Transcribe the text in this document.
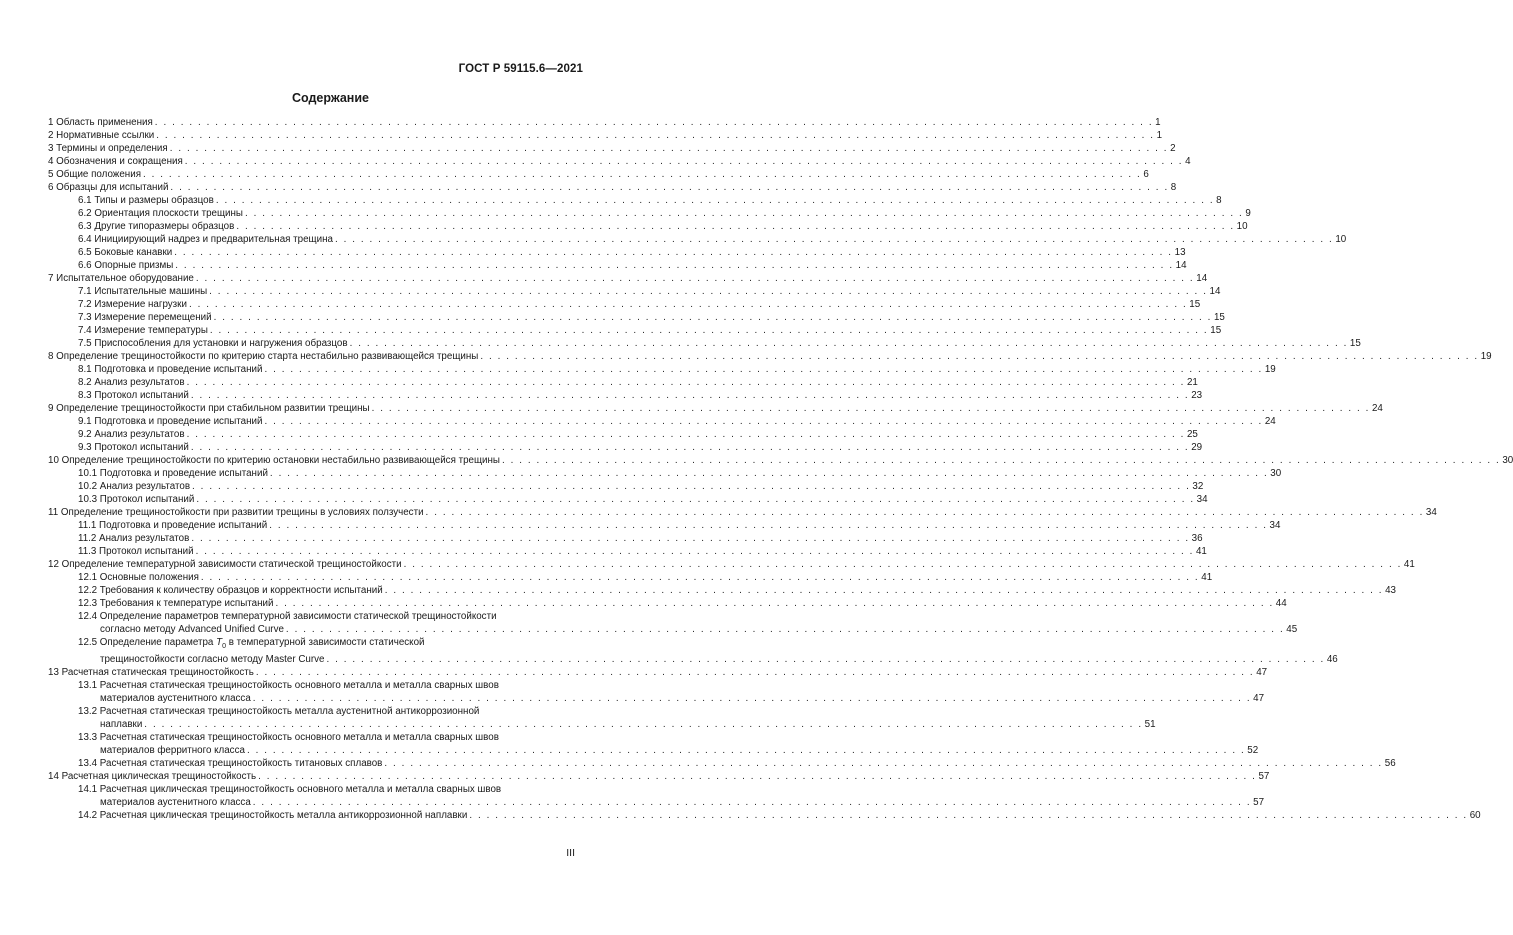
ГОСТ Р 59115.6—2021
Содержание
1 Область применения . . . . . . . . . . . . . . . . . . . . . . . . . . . . . . . . . . . . . . . . . . . . . . . . . . . . . . . . . . . . . . . . . . . . . . . . . . . . . . . . . . . . . . . . . . . . . . . . . . . . . . . . . . . . . . . . . . . . 1
2 Нормативные ссылки . . . . . . . . . . . . . . . . . . . . . . . . . . . . . . . . . . . . . . . . . . . . . . . . . . . . . . . . . . . . . . . . . . . . . . . . . . . . . . . . . . . . . . . . . . . . . . . . . . . . . . . . . . . . . . . . . . . . 1
3 Термины и определения . . . . . . . . . . . . . . . . . . . . . . . . . . . . . . . . . . . . . . . . . . . . . . . . . . . . . . . . . . . . . . . . . . . . . . . . . . . . . . . . . . . . . . . . . . . . . . . . . . . . . . . . . . . . . . . . . . . . 2
4 Обозначения и сокращения . . . . . . . . . . . . . . . . . . . . . . . . . . . . . . . . . . . . . . . . . . . . . . . . . . . . . . . . . . . . . . . . . . . . . . . . . . . . . . . . . . . . . . . . . . . . . . . . . . . . . . . . . . . . . . . . . . . . 4
5 Общие положения . . . . . . . . . . . . . . . . . . . . . . . . . . . . . . . . . . . . . . . . . . . . . . . . . . . . . . . . . . . . . . . . . . . . . . . . . . . . . . . . . . . . . . . . . . . . . . . . . . . . . . . . . . . . . . . . . . . . 6
6 Образцы для испытаний . . . . . . . . . . . . . . . . . . . . . . . . . . . . . . . . . . . . . . . . . . . . . . . . . . . . . . . . . . . . . . . . . . . . . . . . . . . . . . . . . . . . . . . . . . . . . . . . . . . . . . . . . . . . . . . . . . . . 8
6.1 Типы и размеры образцов . . . . . . . . . . . . . . . . . . . . . . . . . . . . . . . . . . . . . . . . . . . . . . . . . . . . . . . . . . . . . . . . . . . . . . . . . . . . . . . . . . . . . . . . . . . . . . . . . . . . . . . . . . . . . . . . . . . . 8
6.2 Ориентация плоскости трещины . . . . . . . . . . . . . . . . . . . . . . . . . . . . . . . . . . . . . . . . . . . . . . . . . . . . . . . . . . . . . . . . . . . . . . . . . . . . . . . . . . . . . . . . . . . . . . . . . . . . . . . . . . . . . . . . . . . . 9
6.3 Другие типоразмеры образцов . . . . . . . . . . . . . . . . . . . . . . . . . . . . . . . . . . . . . . . . . . . . . . . . . . . . . . . . . . . . . . . . . . . . . . . . . . . . . . . . . . . . . . . . . . . . . . . . . . . . . . . . . . . . . . . . . . . . 10
6.4 Инициирующий надрез и предварительная трещина . . . . . . . . . . . . . . . . . . . . . . . . . . . . . . . . . . . . . . . . . . . . . . . . . . . . . . . . . . . . . . . . . . . . . . . . . . . . . . . . . . . . . . . . . . . . . . . . . . . . . . . . . . . . . . . . . . . . 10
6.5 Боковые канавки . . . . . . . . . . . . . . . . . . . . . . . . . . . . . . . . . . . . . . . . . . . . . . . . . . . . . . . . . . . . . . . . . . . . . . . . . . . . . . . . . . . . . . . . . . . . . . . . . . . . . . . . . . . . . . . . . . . . 13
6.6 Опорные призмы . . . . . . . . . . . . . . . . . . . . . . . . . . . . . . . . . . . . . . . . . . . . . . . . . . . . . . . . . . . . . . . . . . . . . . . . . . . . . . . . . . . . . . . . . . . . . . . . . . . . . . . . . . . . . . . . . . . . 14
7 Испытательное оборудование . . . . . . . . . . . . . . . . . . . . . . . . . . . . . . . . . . . . . . . . . . . . . . . . . . . . . . . . . . . . . . . . . . . . . . . . . . . . . . . . . . . . . . . . . . . . . . . . . . . . . . . . . . . . . . . . . . . . 14
7.1 Испытательные машины . . . . . . . . . . . . . . . . . . . . . . . . . . . . . . . . . . . . . . . . . . . . . . . . . . . . . . . . . . . . . . . . . . . . . . . . . . . . . . . . . . . . . . . . . . . . . . . . . . . . . . . . . . . . . . . . . . . . 14
7.2 Измерение нагрузки . . . . . . . . . . . . . . . . . . . . . . . . . . . . . . . . . . . . . . . . . . . . . . . . . . . . . . . . . . . . . . . . . . . . . . . . . . . . . . . . . . . . . . . . . . . . . . . . . . . . . . . . . . . . . . . . . . . . 15
7.3 Измерение перемещений . . . . . . . . . . . . . . . . . . . . . . . . . . . . . . . . . . . . . . . . . . . . . . . . . . . . . . . . . . . . . . . . . . . . . . . . . . . . . . . . . . . . . . . . . . . . . . . . . . . . . . . . . . . . . . . . . . . . 15
7.4 Измерение температуры . . . . . . . . . . . . . . . . . . . . . . . . . . . . . . . . . . . . . . . . . . . . . . . . . . . . . . . . . . . . . . . . . . . . . . . . . . . . . . . . . . . . . . . . . . . . . . . . . . . . . . . . . . . . . . . . . . . . 15
7.5 Приспособления для установки и нагружения образцов . . . . . . . . . . . . . . . . . . . . . . . . . . . . . . . . . . . . . . . . . . . . . . . . . . . . . . . . . . . . . . . . . . . . . . . . . . . . . . . . . . . . . . . . . . . . . . . . . . . . . . . . . . . . . . . . . . . . 15
8 Определение трещиностойкости по критерию старта нестабильно развивающейся трещины . . . . . . . . . . . . . . . . . . . . . . . . . . . . . . . . . . . . . . . . . . . . . . . . . . . . . . . . . . . . . . . . . . . . . . . . . . . . . . . . . . . . . . . . . . . . . . . . . . . . . . . . . . . . . . . . . . . . 19
8.1 Подготовка и проведение испытаний . . . . . . . . . . . . . . . . . . . . . . . . . . . . . . . . . . . . . . . . . . . . . . . . . . . . . . . . . . . . . . . . . . . . . . . . . . . . . . . . . . . . . . . . . . . . . . . . . . . . . . . . . . . . . . . . . . . . 19
8.2 Анализ результатов . . . . . . . . . . . . . . . . . . . . . . . . . . . . . . . . . . . . . . . . . . . . . . . . . . . . . . . . . . . . . . . . . . . . . . . . . . . . . . . . . . . . . . . . . . . . . . . . . . . . . . . . . . . . . . . . . . . . 21
8.3 Протокол испытаний . . . . . . . . . . . . . . . . . . . . . . . . . . . . . . . . . . . . . . . . . . . . . . . . . . . . . . . . . . . . . . . . . . . . . . . . . . . . . . . . . . . . . . . . . . . . . . . . . . . . . . . . . . . . . . . . . . . . 23
9 Определение трещиностойкости при стабильном развитии трещины . . . . . . . . . . . . . . . . . . . . . . . . . . . . . . . . . . . . . . . . . . . . . . . . . . . . . . . . . . . . . . . . . . . . . . . . . . . . . . . . . . . . . . . . . . . . . . . . . . . . . . . . . . . . . . . . . . . . 24
9.1 Подготовка и проведение испытаний . . . . . . . . . . . . . . . . . . . . . . . . . . . . . . . . . . . . . . . . . . . . . . . . . . . . . . . . . . . . . . . . . . . . . . . . . . . . . . . . . . . . . . . . . . . . . . . . . . . . . . . . . . . . . . . . . . . . 24
9.2 Анализ результатов . . . . . . . . . . . . . . . . . . . . . . . . . . . . . . . . . . . . . . . . . . . . . . . . . . . . . . . . . . . . . . . . . . . . . . . . . . . . . . . . . . . . . . . . . . . . . . . . . . . . . . . . . . . . . . . . . . . . 25
9.3 Протокол испытаний . . . . . . . . . . . . . . . . . . . . . . . . . . . . . . . . . . . . . . . . . . . . . . . . . . . . . . . . . . . . . . . . . . . . . . . . . . . . . . . . . . . . . . . . . . . . . . . . . . . . . . . . . . . . . . . . . . . . 29
10 Определение трещиностойкости по критерию остановки нестабильно развивающейся трещины . . . . . . . . . . . . . . . . . . . . . . . . . . . . . . . . . . . . . . . . . . . . . . . . . . . . . . . . . . . . . . . . . . . . . . . . . . . . . . . . . . . . . . . . . . . . . . . . . . . . . . . . . . . . . . . . . . . . 30
10.1 Подготовка и проведение испытаний . . . . . . . . . . . . . . . . . . . . . . . . . . . . . . . . . . . . . . . . . . . . . . . . . . . . . . . . . . . . . . . . . . . . . . . . . . . . . . . . . . . . . . . . . . . . . . . . . . . . . . . . . . . . . . . . . . . . 30
10.2 Анализ результатов . . . . . . . . . . . . . . . . . . . . . . . . . . . . . . . . . . . . . . . . . . . . . . . . . . . . . . . . . . . . . . . . . . . . . . . . . . . . . . . . . . . . . . . . . . . . . . . . . . . . . . . . . . . . . . . . . . . . 32
10.3 Протокол испытаний . . . . . . . . . . . . . . . . . . . . . . . . . . . . . . . . . . . . . . . . . . . . . . . . . . . . . . . . . . . . . . . . . . . . . . . . . . . . . . . . . . . . . . . . . . . . . . . . . . . . . . . . . . . . . . . . . . . . 34
11 Определение трещиностойкости при развитии трещины в условиях ползучести . . . . . . . . . . . . . . . . . . . . . . . . . . . . . . . . . . . . . . . . . . . . . . . . . . . . . . . . . . . . . . . . . . . . . . . . . . . . . . . . . . . . . . . . . . . . . . . . . . . . . . . . . . . . . . . . . . . . 34
11.1 Подготовка и проведение испытаний . . . . . . . . . . . . . . . . . . . . . . . . . . . . . . . . . . . . . . . . . . . . . . . . . . . . . . . . . . . . . . . . . . . . . . . . . . . . . . . . . . . . . . . . . . . . . . . . . . . . . . . . . . . . . . . . . . . . 34
11.2 Анализ результатов . . . . . . . . . . . . . . . . . . . . . . . . . . . . . . . . . . . . . . . . . . . . . . . . . . . . . . . . . . . . . . . . . . . . . . . . . . . . . . . . . . . . . . . . . . . . . . . . . . . . . . . . . . . . . . . . . . . . 36
11.3 Протокол испытаний . . . . . . . . . . . . . . . . . . . . . . . . . . . . . . . . . . . . . . . . . . . . . . . . . . . . . . . . . . . . . . . . . . . . . . . . . . . . . . . . . . . . . . . . . . . . . . . . . . . . . . . . . . . . . . . . . . . . 41
12 Определение температурной зависимости статической трещиностойкости . . . . . . . . . . . . . . . . . . . . . . . . . . . . . . . . . . . . . . . . . . . . . . . . . . . . . . . . . . . . . . . . . . . . . . . . . . . . . . . . . . . . . . . . . . . . . . . . . . . . . . . . . . . . . . . . . . . . 41
12.1 Основные положения . . . . . . . . . . . . . . . . . . . . . . . . . . . . . . . . . . . . . . . . . . . . . . . . . . . . . . . . . . . . . . . . . . . . . . . . . . . . . . . . . . . . . . . . . . . . . . . . . . . . . . . . . . . . . . . . . . . . 41
12.2 Требования к количеству образцов и корректности испытаний . . . . . . . . . . . . . . . . . . . . . . . . . . . . . . . . . . . . . . . . . . . . . . . . . . . . . . . . . . . . . . . . . . . . . . . . . . . . . . . . . . . . . . . . . . . . . . . . . . . . . . . . . . . . . . . . . . . . 43
12.3 Требования к температуре испытаний . . . . . . . . . . . . . . . . . . . . . . . . . . . . . . . . . . . . . . . . . . . . . . . . . . . . . . . . . . . . . . . . . . . . . . . . . . . . . . . . . . . . . . . . . . . . . . . . . . . . . . . . . . . . . . . . . . . . 44
12.4 Определение параметров температурной зависимости статической трещиностойкости
согласно методу Advanced Unified Curve . . . . . . . . . . . . . . . . . . . . . . . . . . . . . . . . . . . . . . . . . . . . . . . . . . . . . . . . . . . . . . . . . . . . . . . . . . . . . . . . . . . . . . . . . . . . . . . . . . . . . . . . . . . . . . . . . . . . 45
12.5 Определение параметра $T_0$ в температурной зависимости статической
трещиностойкости согласно методу Master Curve . . . . . . . . . . . . . . . . . . . . . . . . . . . . . . . . . . . . . . . . . . . . . . . . . . . . . . . . . . . . . . . . . . . . . . . . . . . . . . . . . . . . . . . . . . . . . . . . . . . . . . . . . . . . . . . . . . . . 46
13 Расчетная статическая трещиностойкость . . . . . . . . . . . . . . . . . . . . . . . . . . . . . . . . . . . . . . . . . . . . . . . . . . . . . . . . . . . . . . . . . . . . . . . . . . . . . . . . . . . . . . . . . . . . . . . . . . . . . . . . . . . . . . . . . . . . 47
13.1 Расчетная статическая трещиностойкость основного металла и металла сварных швов
материалов аустенитного класса . . . . . . . . . . . . . . . . . . . . . . . . . . . . . . . . . . . . . . . . . . . . . . . . . . . . . . . . . . . . . . . . . . . . . . . . . . . . . . . . . . . . . . . . . . . . . . . . . . . . . . . . . . . . . . . . . . . . 47
13.2 Расчетная статическая трещиностойкость металла аустенитной антикоррозионной
наплавки . . . . . . . . . . . . . . . . . . . . . . . . . . . . . . . . . . . . . . . . . . . . . . . . . . . . . . . . . . . . . . . . . . . . . . . . . . . . . . . . . . . . . . . . . . . . . . . . . . . . . . . . . . . . . . . . . . . . 51
13.3 Расчетная статическая трещиностойкость основного металла и металла сварных швов
материалов ферритного класса . . . . . . . . . . . . . . . . . . . . . . . . . . . . . . . . . . . . . . . . . . . . . . . . . . . . . . . . . . . . . . . . . . . . . . . . . . . . . . . . . . . . . . . . . . . . . . . . . . . . . . . . . . . . . . . . . . . . 52
13.4 Расчетная статическая трещиностойкость титановых сплавов . . . . . . . . . . . . . . . . . . . . . . . . . . . . . . . . . . . . . . . . . . . . . . . . . . . . . . . . . . . . . . . . . . . . . . . . . . . . . . . . . . . . . . . . . . . . . . . . . . . . . . . . . . . . . . . . . . . . 56
14 Расчетная циклическая трещиностойкость . . . . . . . . . . . . . . . . . . . . . . . . . . . . . . . . . . . . . . . . . . . . . . . . . . . . . . . . . . . . . . . . . . . . . . . . . . . . . . . . . . . . . . . . . . . . . . . . . . . . . . . . . . . . . . . . . . . . 57
14.1 Расчетная циклическая трещиностойкость основного металла и металла сварных швов
материалов аустенитного класса . . . . . . . . . . . . . . . . . . . . . . . . . . . . . . . . . . . . . . . . . . . . . . . . . . . . . . . . . . . . . . . . . . . . . . . . . . . . . . . . . . . . . . . . . . . . . . . . . . . . . . . . . . . . . . . . . . . . 57
14.2 Расчетная циклическая трещиностойкость металла антикоррозионной наплавки . . . . . . . . . . . . . . . . . . . . . . . . . . . . . . . . . . . . . . . . . . . . . . . . . . . . . . . . . . . . . . . . . . . . . . . . . . . . . . . . . . . . . . . . . . . . . . . . . . . . . . . . . . . . . . . . . . . . 60
III
